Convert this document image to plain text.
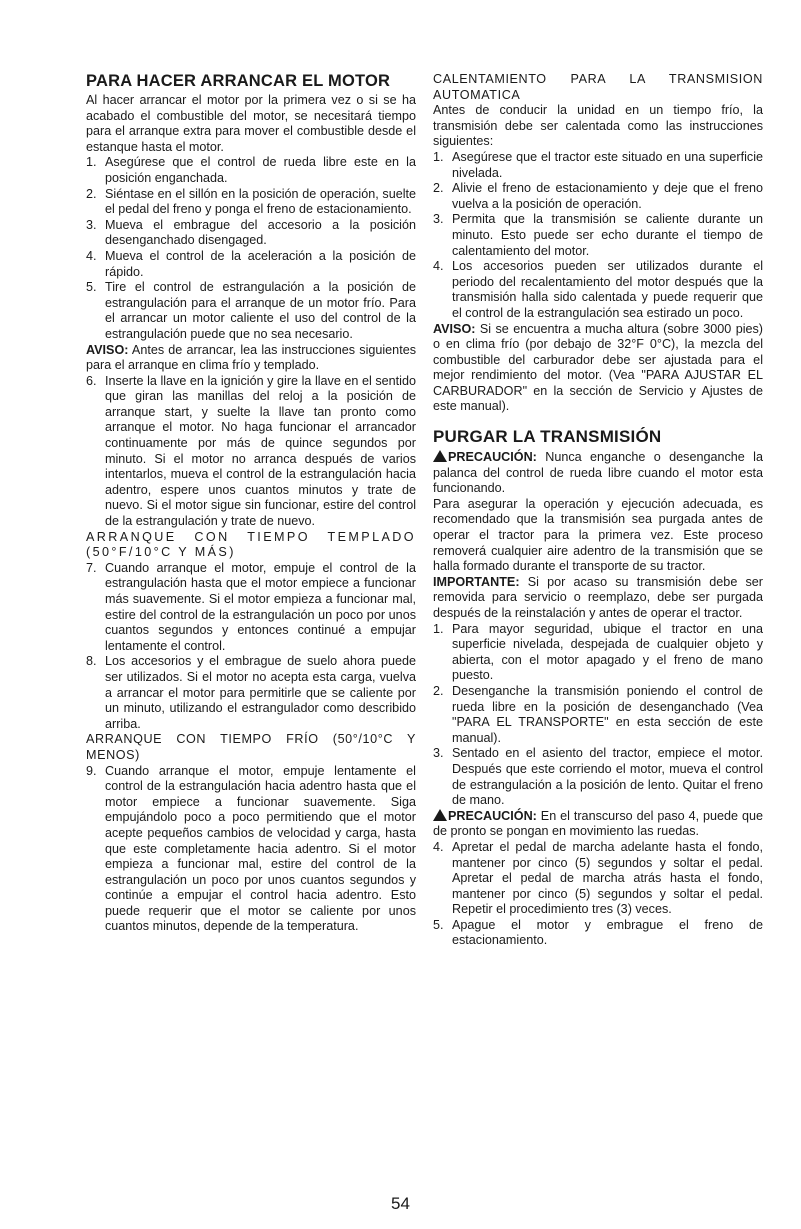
PARA HACER ARRANCAR EL MOTOR

Al hacer arrancar el motor por la primera vez o si se ha acabado el combustible del motor, se necesitará tiempo para el arranque extra para mover el combustible desde el estanque hasta el motor.

1. Asegúrese que el control de rueda libre este en la posición enganchada.
2. Siéntase en el sillón en la posición de operación, suelte el pedal del freno y ponga el freno de estacionamiento.
3. Mueva el embrague del accesorio a la posición desenganchado disengaged.
4. Mueva el control de la aceleración a la posición de rápido.
5. Tire el control de estrangulación a la posición de estrangulación para el arranque de un motor frío. Para el arrancar un motor caliente el uso del control de la estrangulación puede que no sea necesario.

AVISO: Antes de arrancar, lea las instrucciones siguientes para el arranque en clima frío y templado.

6. Inserte la llave en la ignición y gire la llave en el sentido que giran las manillas del reloj a la posición de arranque start, y suelte la llave tan pronto como arranque el motor. No haga funcionar el arrancador continuamente por más de quince segundos por minuto. Si el motor no arranca después de varios intentarlos, mueva el control de la estrangulación hacia adentro, espere unos cuantos minutos y trate de nuevo. Si el motor sigue sin funcionar, estire del control de la estrangulación y trate de nuevo.

ARRANQUE CON TIEMPO TEMPLADO (50°F/10°C Y MÁS)

7. Cuando arranque el motor, empuje el control de la estrangulación hasta que el motor empiece a funcionar más suavemente. Si el motor empieza a funcionar mal, estire del control de la estrangulación un poco por unos cuantos segundos y entonces continué a empujar lentamente el control.
8. Los accesorios y el embrague de suelo ahora puede ser utilizados. Si el motor no acepta esta carga, vuelva a arrancar el motor para permitirle que se caliente por un minuto, utilizando el estrangulador como describido arriba.

ARRANQUE CON TIEMPO FRÍO (50°/10°C Y MENOS)

9. Cuando arranque el motor, empuje lentamente el control de la estrangulación hacia adentro hasta que el motor empiece a funcionar suavemente. Siga empujándolo poco a poco permitiendo que el motor acepte pequeños cambios de velocidad y carga, hasta que este completamente hacia adentro. Si el motor empieza a funcionar mal, estire del control de la estrangulación un poco por unos cuantos segundos y continúe a empujar el control hacia adentro. Esto puede requerir que el motor se caliente por unos cuantos minutos, depende de la temperatura.

CALENTAMIENTO PARA LA TRANSMISION AUTOMATICA

Antes de conducir la unidad en un tiempo frío, la transmisión debe ser calentada como las instrucciones siguientes:

1. Asegúrese que el tractor este situado en una superficie nivelada.
2. Alivie el freno de estacionamiento y deje que el freno vuelva a la posición de operación.
3. Permita que la transmisión se caliente durante un minuto. Esto puede ser echo durante el tiempo de calentamiento del motor.
4. Los accesorios pueden ser utilizados durante el periodo del recalentamiento del motor después que la transmisión halla sido calentada y puede requerir que el control de la estrangulación sea estirado un poco.

AVISO: Si se encuentra a mucha altura (sobre 3000 pies) o en clima frío (por debajo de 32°F 0°C), la mezcla del combustible del carburador debe ser ajustada para el mejor rendimiento del motor. (Vea "PARA AJUSTAR EL CARBURADOR" en la sección de Servicio y Ajustes de este manual).

PURGAR LA TRANSMISIÓN

PRECAUCIÓN: Nunca enganche o desenganche la palanca del control de rueda libre cuando el motor esta funcionando.

Para asegurar la operación y ejecución adecuada, es recomendado que la transmisión sea purgada antes de operar el tractor para la primera vez. Este proceso removerá cualquier aire adentro de la transmisión que se halla formado durante el transporte de su tractor.

IMPORTANTE: Si por acaso su transmisión debe ser removida para servicio o reemplazo, debe ser purgada después de la reinstalación y antes de operar el tractor.

1. Para mayor seguridad, ubique el tractor en una superficie nivelada, despejada de cualquier objeto y abierta, con el motor apagado y el freno de mano puesto.
2. Desenganche la transmisión poniendo el control de rueda libre en la posición de desenganchado (Vea "PARA EL TRANSPORTE" en esta sección de este manual).
3. Sentado en el asiento del tractor, empiece el motor. Después que este corriendo el motor, mueva el control de estrangulación a la posición de lento. Quitar el freno de mano.

PRECAUCIÓN: En el transcurso del paso 4, puede que de pronto se pongan en movimiento las ruedas.

4. Apretar el pedal de marcha adelante hasta el fondo, mantener por cinco (5) segundos y soltar el pedal. Apretar el pedal de marcha atrás hasta el fondo, mantener por cinco (5) segundos y soltar el pedal. Repetir el procedimiento tres (3) veces.
5. Apague el motor y embrague el freno de estacionamiento.
54
